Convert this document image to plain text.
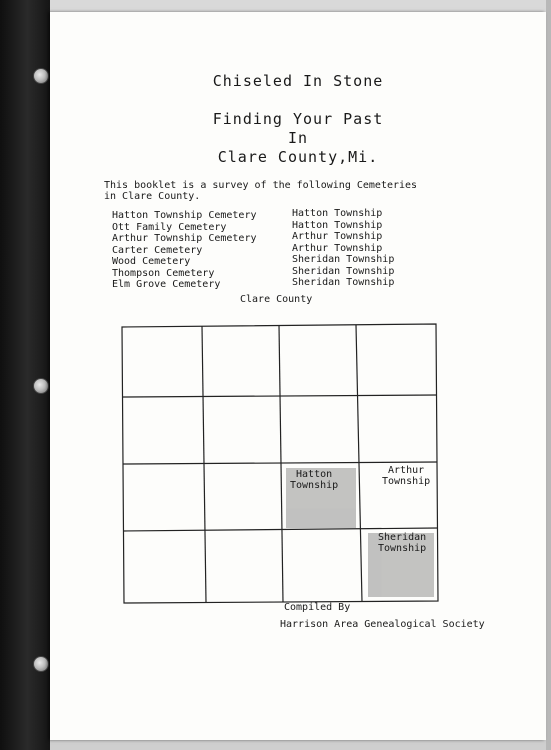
Chiseled In Stone
Finding Your Past
In
Clare County,Mi.
This booklet is a survey of the following Cemeteries
in Clare County.
Hatton Township Cemetery
Ott Family Cemetery
Arthur Township Cemetery
Carter Cemetery
Wood Cemetery
Thompson Cemetery
Elm Grove Cemetery
Hatton Township
Hatton Township
Arthur Township
Arthur Township
Sheridan Township
Sheridan Township
Sheridan Township
Clare County
Hatton
Township
Arthur
Township
Sheridan
Township
Compiled By
Harrison Area Genealogical Society
